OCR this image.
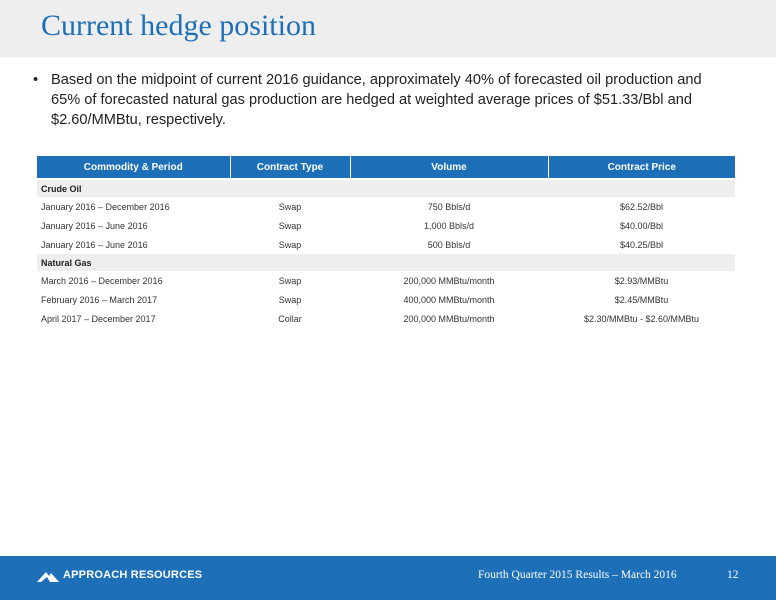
Current hedge position
• Based on the midpoint of current 2016 guidance, approximately 40% of forecasted oil production and 65% of forecasted natural gas production are hedged at weighted average prices of $51.33/Bbl and $2.60/MMBtu, respectively.
Commodity & Period	Contract Type	Volume	Contract Price

Crude Oil			
January 2016 – December 2016	Swap	750 Bbls/d	$62.52/Bbl
January 2016 – June 2016	Swap	1,000 Bbls/d	$40.00/Bbl
January 2016 – June 2016	Swap	500 Bbls/d	$40.25/Bbl
Natural Gas			
March 2016 – December 2016	Swap	200,000 MMBtu/month	$2.93/MMBtu
February 2016 – March 2017	Swap	400,000 MMBtu/month	$2.45/MMBtu
April 2017 – December 2017	Collar	200,000 MMBtu/month	$2.30/MMBtu - $2.60/MMBtu
APPROACH RESOURCES	Fourth Quarter 2015 Results – March 2016	12
